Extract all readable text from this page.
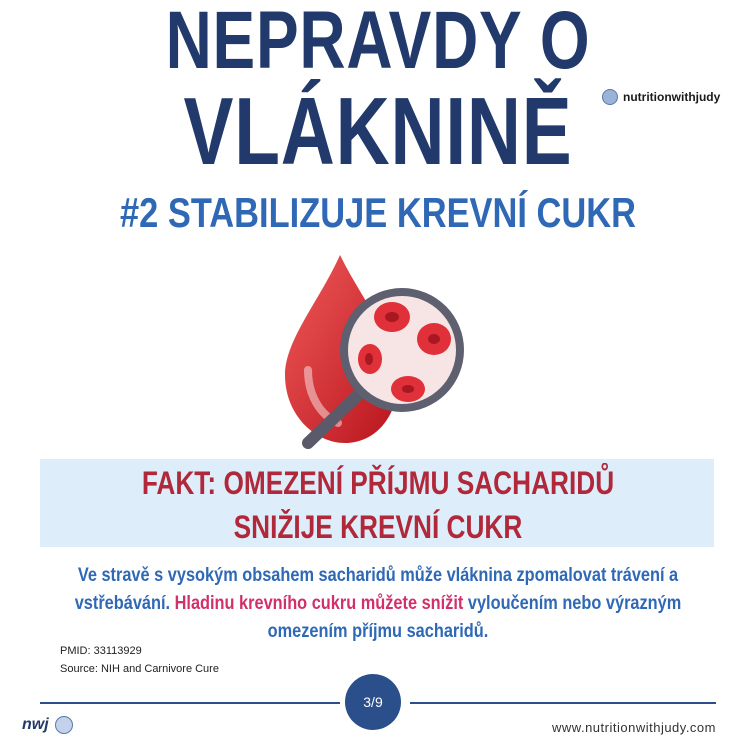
NEPRAVDY O
VLÁKNINĚ	nutritionwithjudy
#2 STABILIZUJE KREVNÍ CUKR

FAKT: OMEZENÍ PŘÍJMU SACHARIDŮ

SNIŽIJE KREVNÍ CUKR

Ve stravě s vysokým obsahem sacharidů může vláknina zpomalovat trávení a vstřebávání. Hladinu krevního cukru můžete snížit vyloučením nebo výrazným omezením příjmu sacharidů.

PMID: 33113929

Source: NIH and Carnivore Cure

3/9
nwj	www.nutritionwithjudy.com
